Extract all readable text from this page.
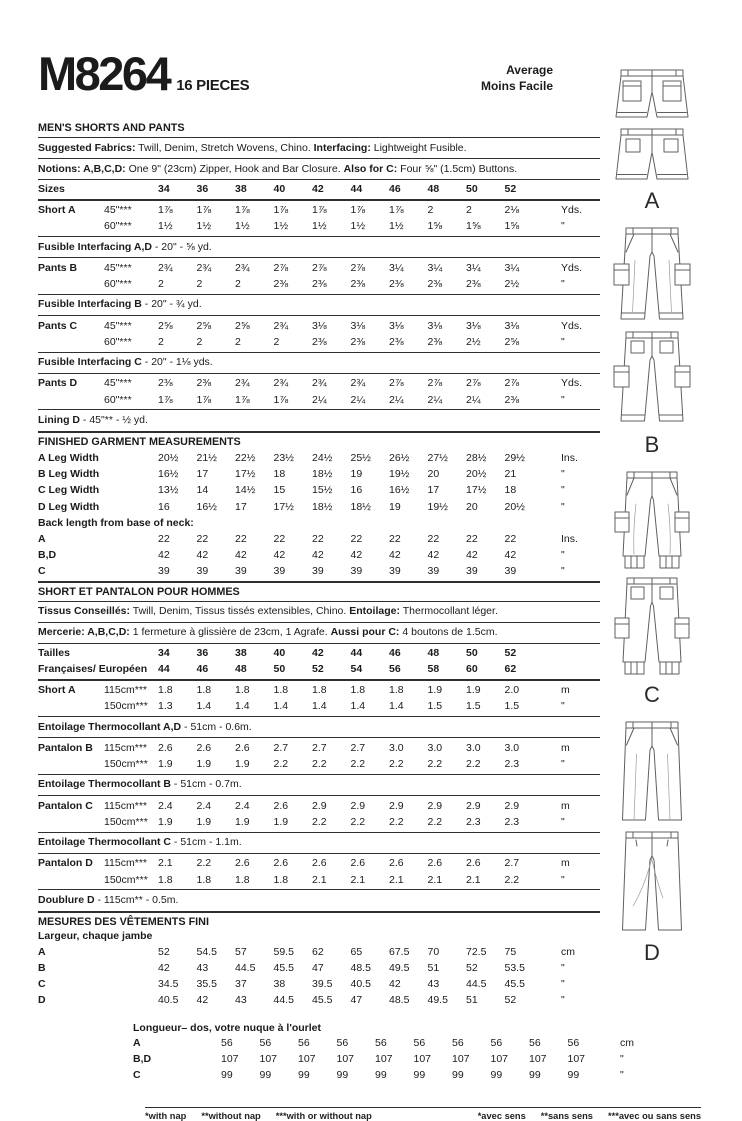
M8264 16 PIECES
Average
Moins Facile
MEN'S SHORTS AND PANTS
Suggested Fabrics: Twill, Denim, Stretch Wovens, Chino. Interfacing: Lightweight Fusible.
Notions: A,B,C,D: One 9" (23cm) Zipper, Hook and Bar Closure. Also for C: Four ⅝" (1.5cm) Buttons.
Sizes	34	36	38	40	42	44	46	48	50	52
Short A	45"***	1⅞	1⅞	1⅞	1⅞	1⅞	1⅞	1⅞	2	2	2⅛	Yds.
60"***	1½	1½	1½	1½	1½	1½	1½	1⅝	1⅝	1⅝	"
Fusible Interfacing A,D - 20" - ⅝ yd.
Pants B	45"***	2¾	2¾	2¾	2⅞	2⅞	2⅞	3¼	3¼	3¼	3¼	Yds.
60"***	2	2	2	2⅜	2⅜	2⅜	2⅜	2⅜	2⅜	2½	"
Fusible Interfacing B - 20" - ¾ yd.
Pants C	45"***	2⅝	2⅝	2⅝	2¾	3⅛	3⅛	3⅛	3⅛	3⅛	3⅛	Yds.
60"***	2	2	2	2	2⅜	2⅜	2⅜	2⅜	2½	2⅝	"
Fusible Interfacing C - 20" - 1⅛ yds.
Pants D	45"***	2⅜	2⅜	2¾	2¾	2¾	2¾	2⅞	2⅞	2⅞	2⅞	Yds.
60"***	1⅞	1⅞	1⅞	1⅞	2¼	2¼	2¼	2¼	2¼	2⅜	"
Lining D - 45"** - ½ yd.
FINISHED GARMENT MEASUREMENTS
A Leg Width	20½	21½	22½	23½	24½	25½	26½	27½	28½	29½	Ins.
B Leg Width	16½	17	17½	18	18½	19	19½	20	20½	21	"
C Leg Width	13½	14	14½	15	15½	16	16½	17	17½	18	"
D Leg Width	16	16½	17	17½	18½	18½	19	19½	20	20½	"
Back length from base of neck:
A	22	22	22	22	22	22	22	22	22	22	Ins.
B,D	42	42	42	42	42	42	42	42	42	42	"
C	39	39	39	39	39	39	39	39	39	39	"
SHORT ET PANTALON POUR HOMMES
Tissus Conseillés: Twill, Denim, Tissus tissés extensibles, Chino. Entoilage: Thermocollant léger.
Mercerie: A,B,C,D: 1 fermeture à glissière de 23cm, 1 Agrafe. Aussi pour C: 4 boutons de 1.5cm.
Tailles	34	36	38	40	42	44	46	48	50	52
Françaises/ Européen	44	46	48	50	52	54	56	58	60	62
Short A	115cm***	1.8	1.8	1.8	1.8	1.8	1.8	1.8	1.9	1.9	2.0	m
150cm*** 1.3	1.4	1.4	1.4	1.4	1.4	1.4	1.5	1.5	1.5	"
Entoilage Thermocollant A,D - 51cm - 0.6m.
Pantalon B	115cm***	2.6	2.6	2.6	2.7	2.7	2.7	3.0	3.0	3.0	3.0	m
150cm*** 1.9	1.9	1.9	2.2	2.2	2.2	2.2	2.2	2.2	2.3	"
Entoilage Thermocollant B - 51cm - 0.7m.
Pantalon C	115cm***	2.4	2.4	2.4	2.6	2.9	2.9	2.9	2.9	2.9	2.9	m
150cm*** 1.9	1.9	1.9	1.9	2.2	2.2	2.2	2.2	2.3	2.3	"
Entoilage Thermocollant C - 51cm - 1.1m.
Pantalon D	115cm***	2.1	2.2	2.6	2.6	2.6	2.6	2.6	2.6	2.6	2.7	m
150cm*** 1.8	1.8	1.8	1.8	2.1	2.1	2.1	2.1	2.1	2.2	"
Doublure D - 115cm** - 0.5m.
MESURES DES VÊTEMENTS FINI
Largeur, chaque jambe
A	52	54.5	57	59.5	62	65	67.5	70	72.5	75	cm
B	42	43	44.5	45.5	47	48.5	49.5	51	52	53.5	"
C	34.5	35.5	37	38	39.5	40.5	42	43	44.5	45.5	"
D	40.5	42	43	44.5	45.5	47	48.5	49.5	51	52	"
Longueur– dos, votre nuque à l'ourlet
A	56	56	56	56	56	56	56	56	56	56	cm
B,D	107	107	107	107	107	107	107	107	107	107	"
C	99	99	99	99	99	99	99	99	99	99	"
*with nap **without nap ***with or without nap	*avec sens **sans sens ***avec ou sans sens
A
B
C
D
